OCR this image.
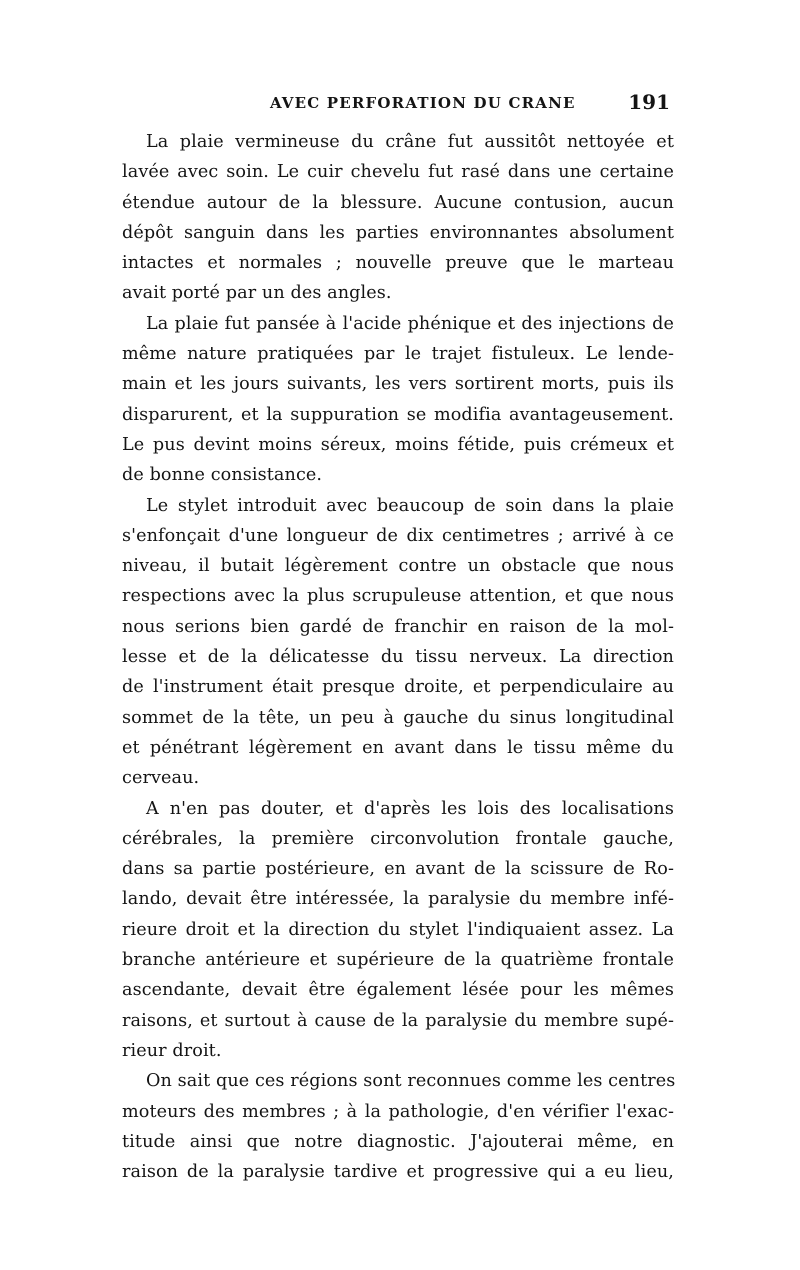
AVEC PERFORATION DU CRANE	191
La plaie vermineuse du crâne fut aussitôt nettoyée et
lavée avec soin. Le cuir chevelu fut rasé dans une certaine
étendue autour de la blessure. Aucune contusion, aucun
dépôt sanguin dans les parties environnantes absolument
intactes et normales ; nouvelle preuve que le marteau
avait porté par un des angles.
La plaie fut pansée à l'acide phénique et des injections de
même nature pratiquées par le trajet fistuleux. Le lende-
main et les jours suivants, les vers sortirent morts, puis ils
disparurent, et la suppuration se modifia avantageusement.
Le pus devint moins séreux, moins fétide, puis crémeux et
de bonne consistance.
Le stylet introduit avec beaucoup de soin dans la plaie
s'enfonçait d'une longueur de dix centimetres ; arrivé à ce
niveau, il butait légèrement contre un obstacle que nous
respections avec la plus scrupuleuse attention, et que nous
nous serions bien gardé de franchir en raison de la mol-
lesse et de la délicatesse du tissu nerveux. La direction
de l'instrument était presque droite, et perpendiculaire au
sommet de la tête, un peu à gauche du sinus longitudinal
et pénétrant légèrement en avant dans le tissu même du
cerveau.
A n'en pas douter, et d'après les lois des localisations
cérébrales, la première circonvolution frontale gauche,
dans sa partie postérieure, en avant de la scissure de Ro-
lando, devait être intéressée, la paralysie du membre infé-
rieure droit et la direction du stylet l'indiquaient assez. La
branche antérieure et supérieure de la quatrième frontale
ascendante, devait être également lésée pour les mêmes
raisons, et surtout à cause de la paralysie du membre supé-
rieur droit.
On sait que ces régions sont reconnues comme les centres
moteurs des membres ; à la pathologie, d'en vérifier l'exac-
titude ainsi que notre diagnostic. J'ajouterai même, en
raison de la paralysie tardive et progressive qui a eu lieu,
